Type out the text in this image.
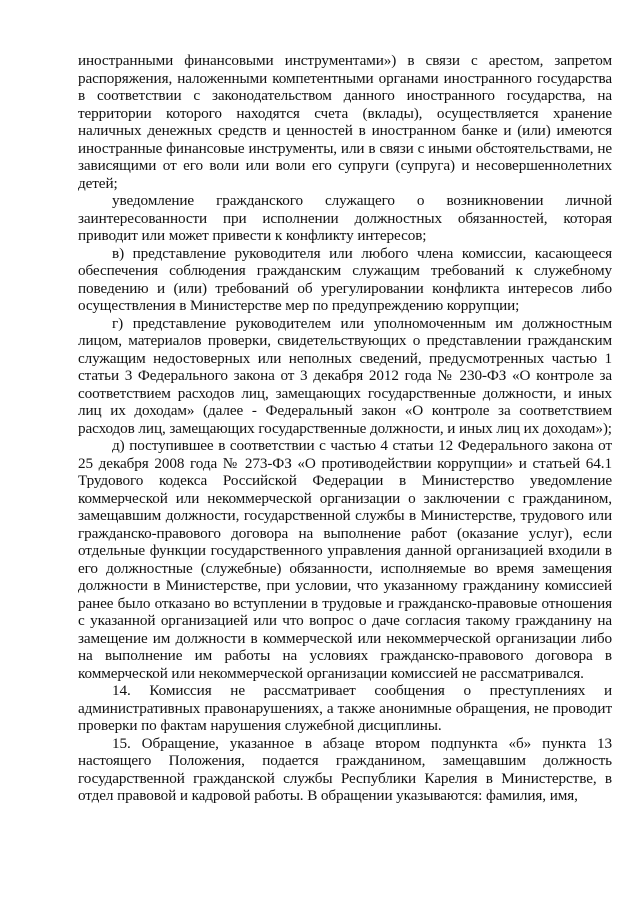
иностранными финансовыми инструментами») в связи с арестом, запретом распоряжения, наложенными компетентными органами иностранного государства в соответствии с законодательством данного иностранного государства, на территории которого находятся счета (вклады), осуществляется хранение наличных денежных средств и ценностей в иностранном банке и (или) имеются иностранные финансовые инструменты, или в связи с иными обстоятельствами, не зависящими от его воли или воли его супруги (супруга) и несовершеннолетних детей;

уведомление гражданского служащего о возникновении личной заинтересованности при исполнении должностных обязанностей, которая приводит или может привести к конфликту интересов;

в) представление руководителя или любого члена комиссии, касающееся обеспечения соблюдения гражданским служащим требований к служебному поведению и (или) требований об урегулировании конфликта интересов либо осуществления в Министерстве мер по предупреждению коррупции;

г) представление руководителем или уполномоченным им должностным лицом, материалов проверки, свидетельствующих о представлении гражданским служащим недостоверных или неполных сведений, предусмотренных частью 1 статьи 3 Федерального закона от 3 декабря 2012 года № 230-ФЗ «О контроле за соответствием расходов лиц, замещающих государственные должности, и иных лиц их доходам» (далее - Федеральный закон «О контроле за соответствием расходов лиц, замещающих государственные должности, и иных лиц их доходам»);

д) поступившее в соответствии с частью 4 статьи 12 Федерального закона от 25 декабря 2008 года № 273-ФЗ «О противодействии коррупции» и статьей 64.1 Трудового кодекса Российской Федерации в Министерство уведомление коммерческой или некоммерческой организации о заключении с гражданином, замещавшим должности, государственной службы в Министерстве, трудового или гражданско-правового договора на выполнение работ (оказание услуг), если отдельные функции государственного управления данной организацией входили в его должностные (служебные) обязанности, исполняемые во время замещения должности в Министерстве, при условии, что указанному гражданину комиссией ранее было отказано во вступлении в трудовые и гражданско-правовые отношения с указанной организацией или что вопрос о даче согласия такому гражданину на замещение им должности в коммерческой или некоммерческой организации либо на выполнение им работы на условиях гражданско-правового договора в коммерческой или некоммерческой организации комиссией не рассматривался.

14. Комиссия не рассматривает сообщения о преступлениях и административных правонарушениях, а также анонимные обращения, не проводит проверки по фактам нарушения служебной дисциплины.

15. Обращение, указанное в абзаце втором подпункта «б» пункта 13 настоящего Положения, подается гражданином, замещавшим должность государственной гражданской службы Республики Карелия в Министерстве, в отдел правовой и кадровой работы. В обращении указываются: фамилия, имя,
